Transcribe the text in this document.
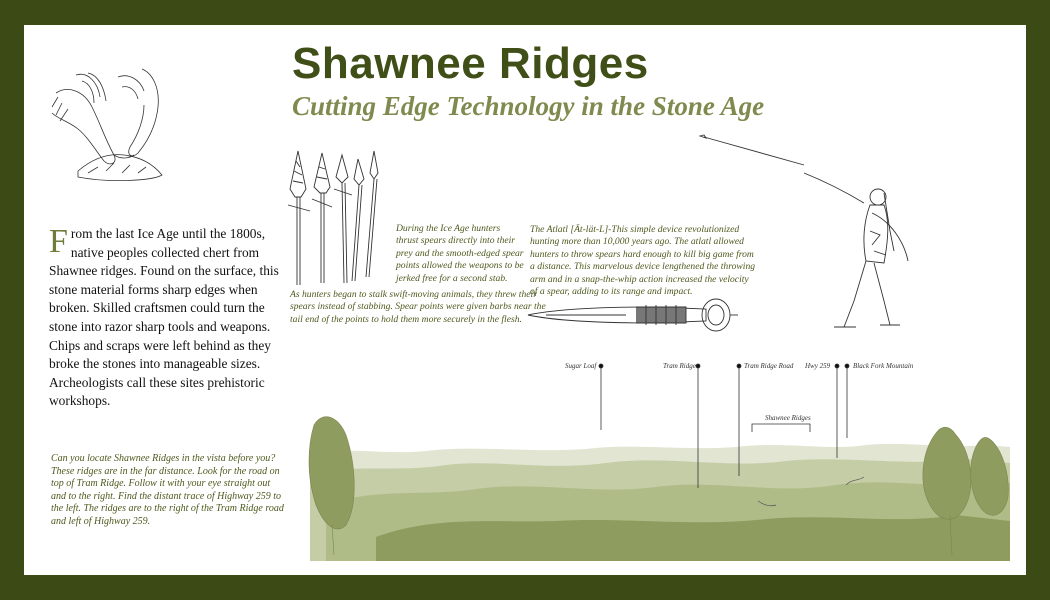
Shawnee Ridges
Cutting Edge Technology in the Stone Age
From the last Ice Age until the 1800s, native peoples collected chert from Shawnee ridges. Found on the surface, this stone material forms sharp edges when broken. Skilled craftsmen could turn the stone into razor sharp tools and weapons. Chips and scraps were left behind as they broke the stones into manageable sizes. Archeologists call these sites prehistoric workshops.
During the Ice Age hunters thrust spears directly into their prey and the smooth-edged spear points allowed the weapons to be jerked free for a second stab.
As hunters began to stalk swift-moving animals, they threw their spears instead of stabbing. Spear points were given barbs near the tail end of the points to hold them more securely in the flesh.
The Atlatl [Ät-lät-L]-This simple device revolutionized hunting more than 10,000 years ago. The atlatl allowed hunters to throw spears hard enough to kill big game from a distance. This marvelous device lengthened the throwing arm and in a snap-the-whip action increased the velocity of a spear, adding to its range and impact.
Sugar Loaf	Tram Ridge	Tram Ridge Road Hwy 259	Black Fork Mountain
Shawnee Ridges
Can you locate Shawnee Ridges in the vista before you? These ridges are in the far distance. Look for the road on top of Tram Ridge. Follow it with your eye straight out and to the right. Find the distant trace of Highway 259 to the left. The ridges are to the right of the Tram Ridge road and left of Highway 259.
